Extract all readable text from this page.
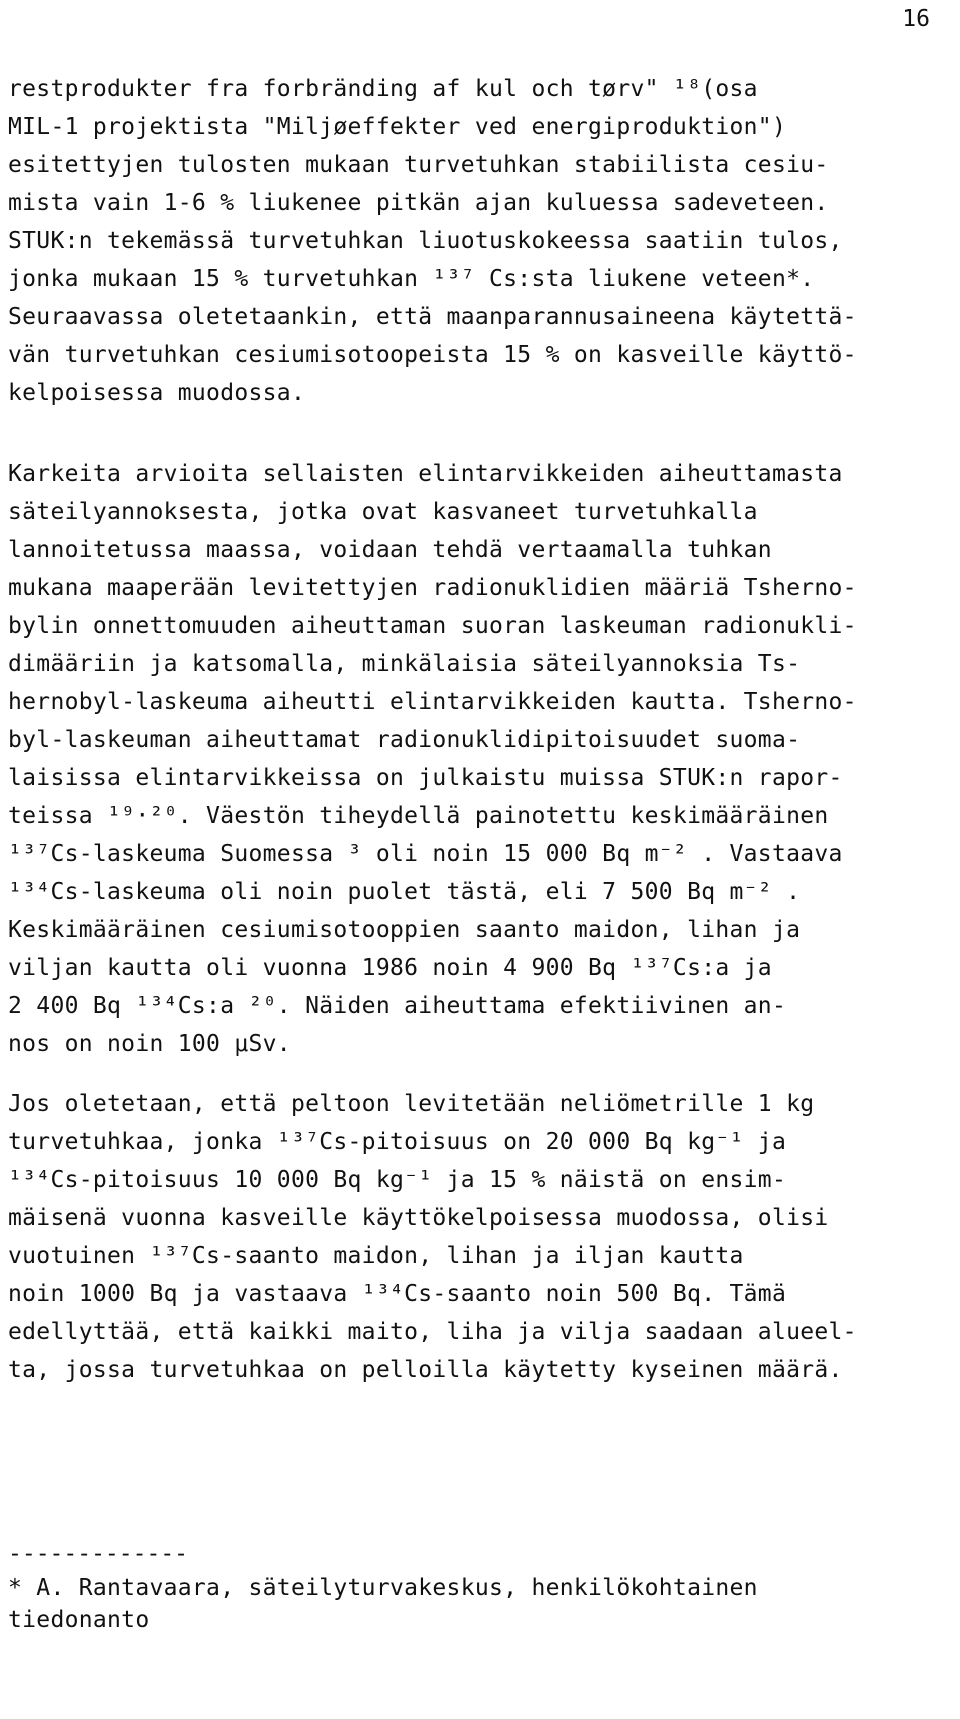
16
restprodukter fra forbränding af kul och tørv" ¹⁸(osa
MIL-1 projektista "Miljøeffekter ved energiproduktion")
esitettyjen tulosten mukaan turvetuhkan stabiilista cesiu-
mista vain 1-6 % liukenee pitkän ajan kuluessa sadeveteen.
STUK:n tekemässä turvetuhkan liuotuskokeessa saatiin tulos,
jonka mukaan 15 % turvetuhkan ¹³⁷ Cs:sta liukene veteen*.
Seuraavassa oletetaankin, että maanparannusaineena käytettä-
vän turvetuhkan cesiumisotoopeista 15 % on kasveille käyttö-
kelpoisessa muodossa.
Karkeita arvioita sellaisten elintarvikkeiden aiheuttamasta
säteilyannoksesta, jotka ovat kasvaneet turvetuhkalla
lannoitetussa maassa, voidaan tehdä vertaamalla tuhkan
mukana maaperään levitettyjen radionuklidien määriä Tsherno-
bylin onnettomuuden aiheuttaman suoran laskeuman radionukli-
dimääriin ja katsomalla, minkälaisia säteilyannoksia Ts-
hernobyl-laskeuma aiheutti elintarvikkeiden kautta. Tsherno-
byl-laskeuman aiheuttamat radionuklidipitoisuudet suoma-
laisissa elintarvikkeissa on julkaistu muissa STUK:n rapor-
teissa ¹⁹·²⁰. Väestön tiheydellä painotettu keskimääräinen
¹³⁷Cs-laskeuma Suomessa ³ oli noin 15 000 Bq m⁻² . Vastaava
¹³⁴Cs-laskeuma oli noin puolet tästä, eli 7 500 Bq m⁻² .
Keskimääräinen cesiumisotooppien saanto maidon, lihan ja
viljan kautta oli vuonna 1986 noin 4 900 Bq ¹³⁷Cs:a ja
2 400 Bq ¹³⁴Cs:a ²⁰. Näiden aiheuttama efektiivinen an-
nos on noin 100 μSv.
Jos oletetaan, että peltoon levitetään neliömetrille 1 kg
turvetuhkaa, jonka ¹³⁷Cs-pitoisuus on 20 000 Bq kg⁻¹ ja
¹³⁴Cs-pitoisuus 10 000 Bq kg⁻¹ ja 15 % näistä on ensim-
mäisenä vuonna kasveille käyttökelpoisessa muodossa, olisi
vuotuinen ¹³⁷Cs-saanto maidon, lihan ja iljan kautta
noin 1000 Bq ja vastaava ¹³⁴Cs-saanto noin 500 Bq. Tämä
edellyttää, että kaikki maito, liha ja vilja saadaan alueel-
ta, jossa turvetuhkaa on pelloilla käytetty kyseinen määrä.
-------------
* A. Rantavaara, säteilyturvakeskus, henkilökohtainen
tiedonanto
